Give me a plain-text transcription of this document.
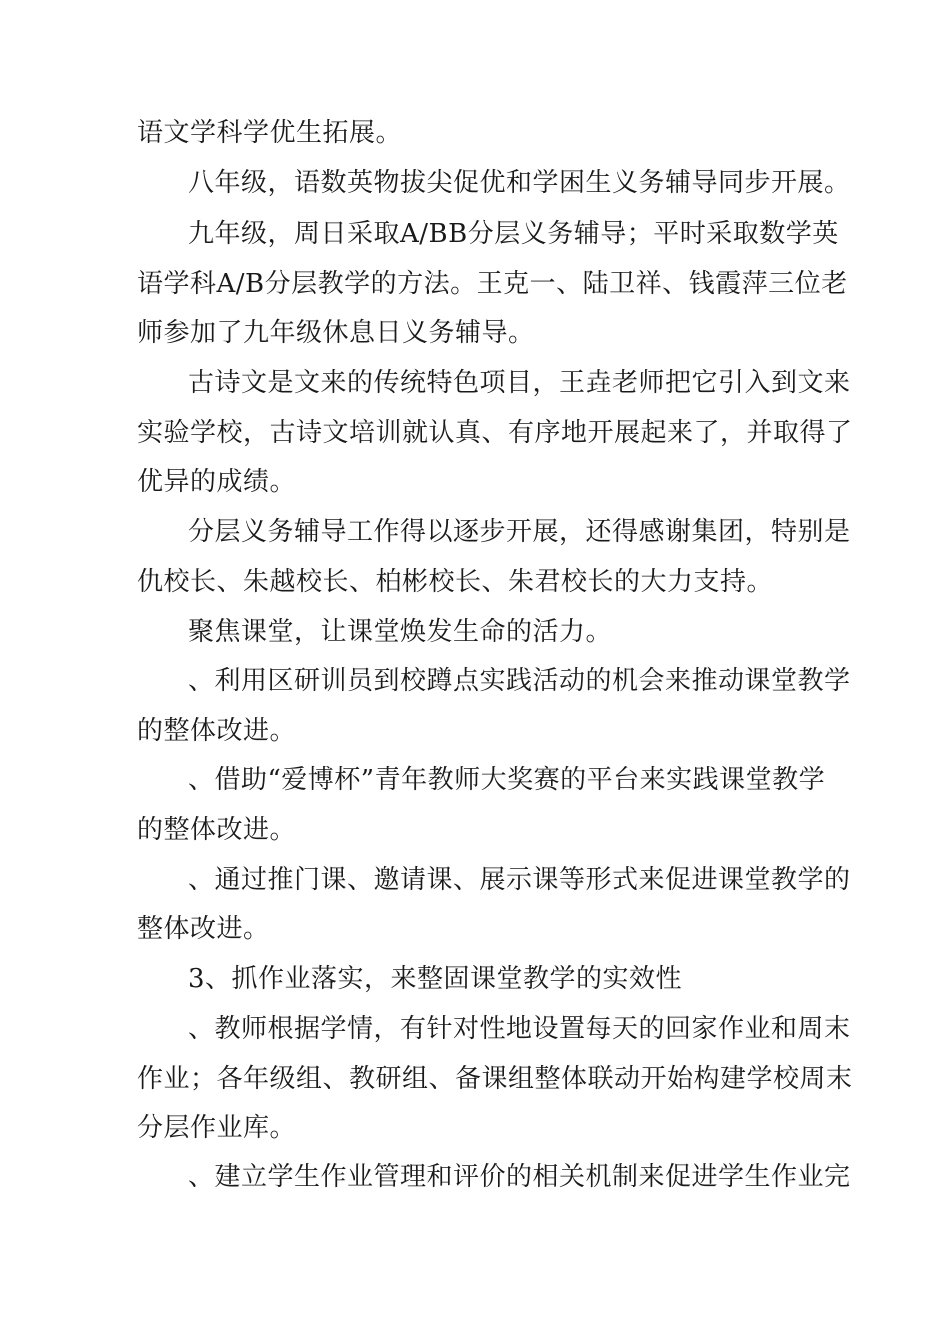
语文学科学优生拓展。
八年级，语数英物拔尖促优和学困生义务辅导同步开展。
九年级，周日采取A/BB分层义务辅导；平时采取数学英
语学科A/B分层教学的方法。王克一、陆卫祥、钱霞萍三位老
师参加了九年级休息日义务辅导。
古诗文是文来的传统特色项目，王垚老师把它引入到文来
实验学校，古诗文培训就认真、有序地开展起来了，并取得了
优异的成绩。
分层义务辅导工作得以逐步开展，还得感谢集团，特别是
仇校长、朱越校长、柏彬校长、朱君校长的大力支持。
聚焦课堂，让课堂焕发生命的活力。
、利用区研训员到校蹲点实践活动的机会来推动课堂教学
的整体改进。
、借助“爱博杯”青年教师大奖赛的平台来实践课堂教学
的整体改进。
、通过推门课、邀请课、展示课等形式来促进课堂教学的
整体改进。
3、抓作业落实，来整固课堂教学的实效性
、教师根据学情，有针对性地设置每天的回家作业和周末
作业；各年级组、教研组、备课组整体联动开始构建学校周末
分层作业库。
、建立学生作业管理和评价的相关机制来促进学生作业完
